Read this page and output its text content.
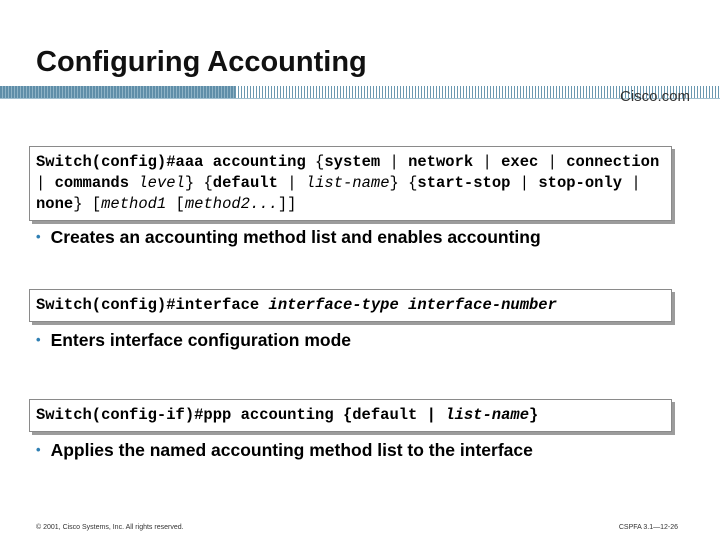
Configuring Accounting
Cisco.com
Switch(config)#aaa accounting {system | network | exec | connection | commands level} {default | list-name} {start-stop | stop-only | none} [method1 [method2...]]
• Creates an accounting method list and enables accounting
Switch(config)#interface interface-type interface-number
• Enters interface configuration mode
Switch(config-if)#ppp accounting {default | list-name}
• Applies the named accounting method list to the interface
© 2001, Cisco Systems, Inc. All rights reserved.	CSPFA 3.1—12-26
